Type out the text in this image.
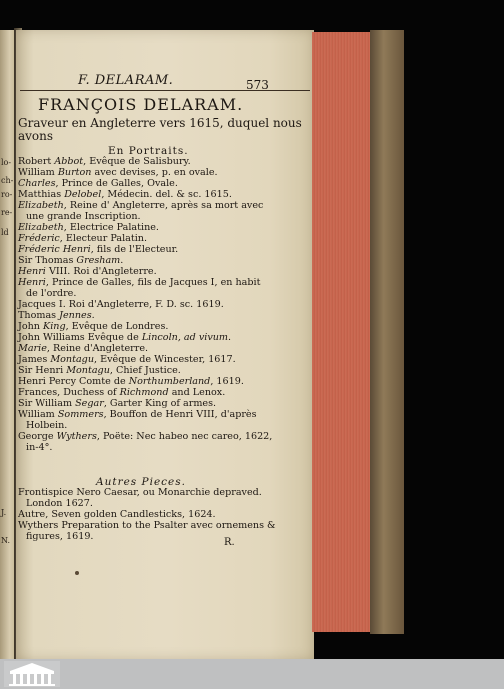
lo-
ch-
ro-
re-
ld
J.
N.
F. DELARAM.	573
FRANÇOIS DELARAM.
Graveur en Angleterre vers 1615, duquel nous avons
En Portraits.
Robert Abbot, Evêque de Salisbury.
William Burton avec devises, p. en ovale.
Charles, Prince de Galles, Ovale.
Matthias Delobel, Médecin. del. & sc. 1615.
Elizabeth, Reine d' Angleterre, après sa mort avec
une grande Inscription.
Elizabeth, Electrice Palatine.
Fréderic, Electeur Palatin.
Fréderic Henri, fils de l'Electeur.
Sir Thomas Gresham.
Henri VIII. Roi d'Angleterre.
Henri, Prince de Galles, fils de Jacques I, en habit
de l'ordre.
Jacques I. Roi d'Angleterre, F. D. sc. 1619.
Thomas Jennes.
John King, Evêque de Londres.
John Williams Evêque de Lincoln, ad vivum.
Marie, Reine d'Angleterre.
James Montagu, Evêque de Wincester, 1617.
Sir Henri Montagu, Chief Justice.
Henri Percy Comte de Northumberland, 1619.
Frances, Duchess of Richmond and Lenox.
Sir William Segar, Garter King of armes.
William Sommers, Bouffon de Henri VIII, d'après
Holbein.
George Wythers, Poëte: Nec habeo nec careo, 1622,
in-4°.
Autres Pieces.
Frontispice Nero Caesar, ou Monarchie depraved.
London 1627.
Autre, Seven golden Candlesticks, 1624.
Wythers Preparation to the Psalter avec ornemens &
figures, 1619.
R.
